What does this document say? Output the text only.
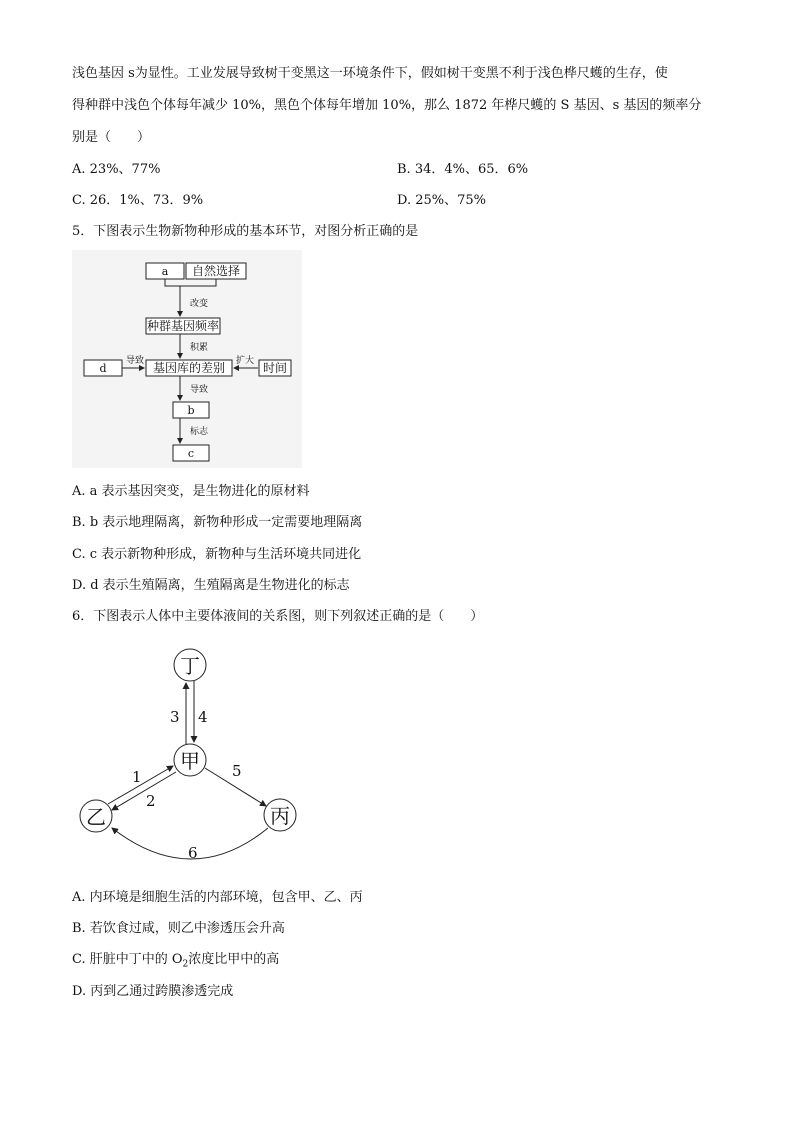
浅色基因 s为显性。工业发展导致树干变黑这一环境条件下，假如树干变黑不利于浅色桦尺蠖的生存，使
得种群中浅色个体每年减少 10%，黑色个体每年增加 10%，那么 1872 年桦尺蠖的 S 基因、s 基因的频率分
别是（　　）
A. 23%、77%	B. 34．4%、65．6%
C. 26．1%、73．9%	D. 25%、75%
5．下图表示生物新物种形成的基本环节，对图分析正确的是
a 自然选择
改变
种群基因频率
积累
d
导致 基因库的差别 扩大 时间
导致
b
标志
c
A. a 表示基因突变，是生物进化的原材料
B. b 表示地理隔离，新物种形成一定需要地理隔离
C. c 表示新物种形成，新物种与生活环境共同进化
D. d 表示生殖隔离，生殖隔离是生物进化的标志
6．下图表示人体中主要体液间的关系图，则下列叙述正确的是（　　）
丁
甲
乙	丙
3 4
1
2
5
6
A. 内环境是细胞生活的内部环境，包含甲、乙、丙
B. 若饮食过咸，则乙中渗透压会升高
C. 肝脏中丁中的 $O_2$浓度比甲中的高
D. 丙到乙通过跨膜渗透完成
